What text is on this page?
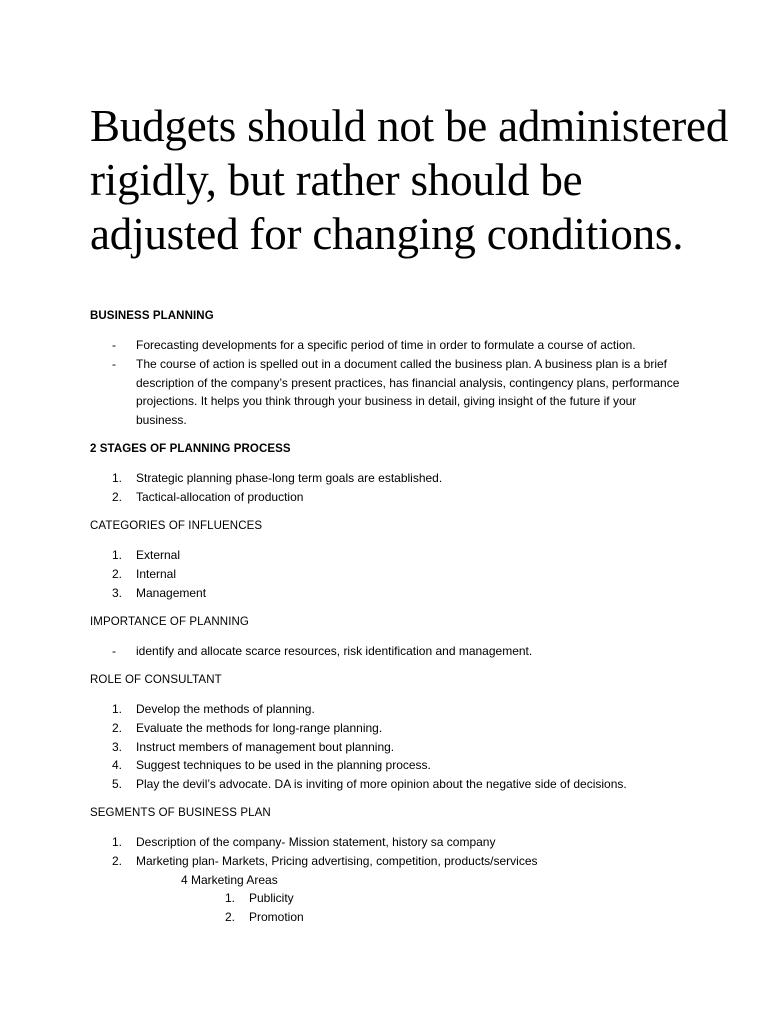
Budgets should not be administered rigidly, but rather should be adjusted for changing conditions.

BUSINESS PLANNING

-	Forecasting developments for a specific period of time in order to formulate a course of action.
-	The course of action is spelled out in a document called the business plan. A business plan is a brief description of the company’s present practices, has financial analysis, contingency plans, performance projections. It helps you think through your business in detail, giving insight of the future if your business.

2 STAGES OF PLANNING PROCESS

1.	Strategic planning phase-long term goals are established.
2.	Tactical-allocation of production

CATEGORIES OF INFLUENCES

1.	External
2.	Internal
3.	Management

IMPORTANCE OF PLANNING

-	identify and allocate scarce resources, risk identification and management.

ROLE OF CONSULTANT

1.	Develop the methods of planning.
2.	Evaluate the methods for long-range planning.
3.	Instruct members of management bout planning.
4.	Suggest techniques to be used in the planning process.
5.	Play the devil’s advocate. DA is inviting of more opinion about the negative side of decisions.

SEGMENTS OF BUSINESS PLAN

1.	Description of the company- Mission statement, history sa company
2.	Marketing plan- Markets, Pricing advertising, competition, products/services
4 Marketing Areas
1.	Publicity
2.	Promotion
